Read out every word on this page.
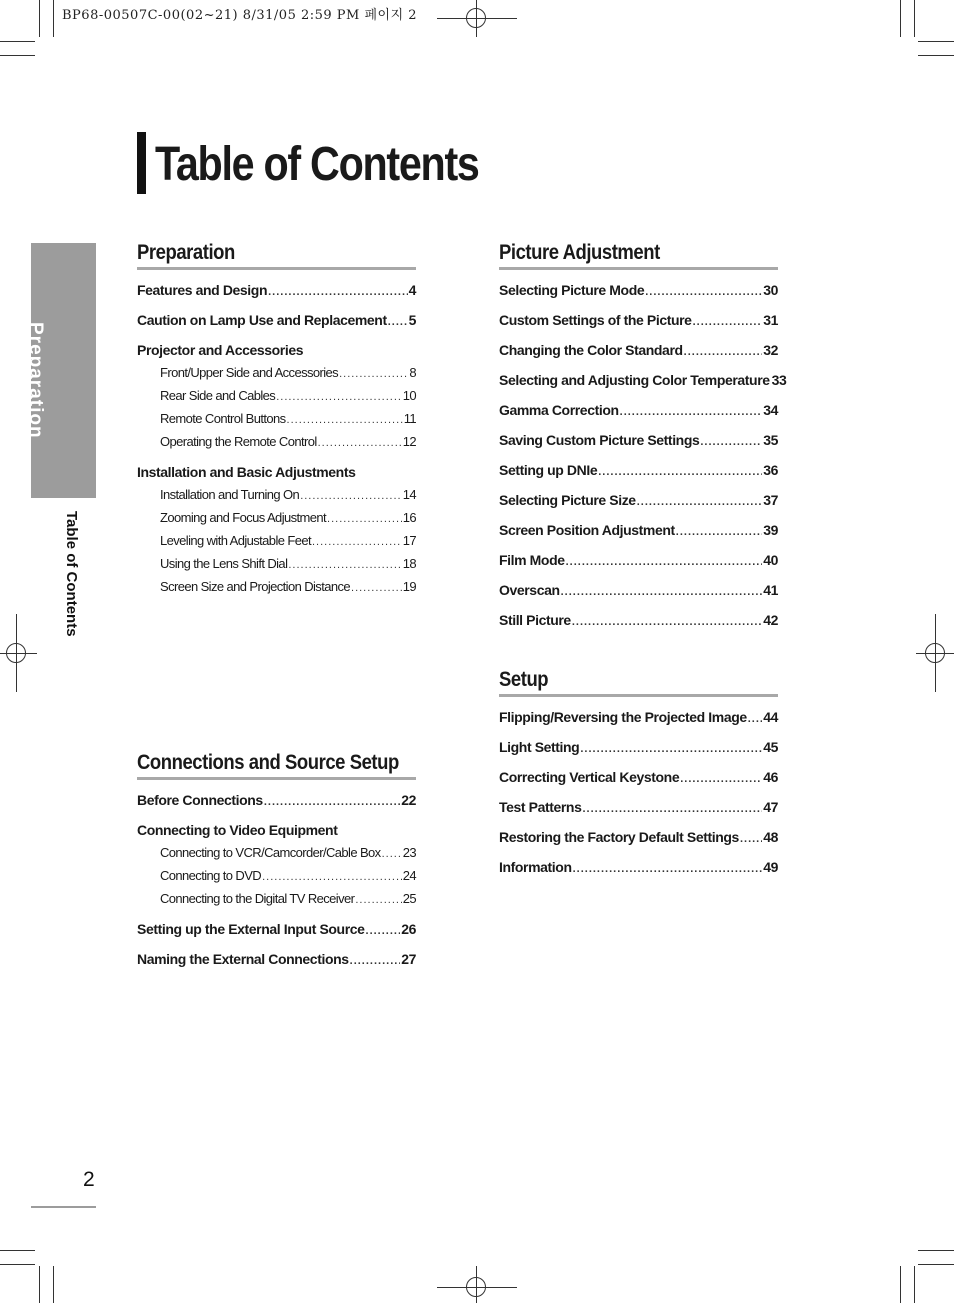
BP68-00507C-00(02~21) 8/31/05 2:59 PM 페이지 2
Preparation
Table of Contents
Table of Contents
Preparation
Features and Design .....	4
Caution on Lamp Use and Replacement ..... 5
Projector and Accessories
Front/Upper Side and Accessories .....	8
Rear Side and Cables .....	10
Remote Control Buttons .....	11
Operating the Remote Control .....	12
Installation and Basic Adjustments
Installation and Turning On .....	14
Zooming and Focus Adjustment .....	16
Leveling with Adjustable Feet .....	17
Using the Lens Shift Dial .....	18
Screen Size and Projection Distance .....	19
Connections and Source Setup
Before Connections .....	22
Connecting to Video Equipment
Connecting to VCR/Camcorder/Cable Box ..... 23
Connecting to DVD .....	24
Connecting to the Digital TV Receiver .....	25
Setting up the External Input Source .....	26
Naming the External Connections .....	27
Picture Adjustment
Selecting Picture Mode .....	30
Custom Settings of the Picture .....	31
Changing the Color Standard .....	32
Selecting and Adjusting Color Temperature 33
Gamma Correction .....	34
Saving Custom Picture Settings .....	35
Setting up DNIe .....	36
Selecting Picture Size .....	37
Screen Position Adjustment .....	39
Film Mode .....	40
Overscan .....	41
Still Picture .....	42
Setup
Flipping/Reversing the Projected Image ..... 44
Light Setting .....	45
Correcting Vertical Keystone .....	46
Test Patterns .....	47
Restoring the Factory Default Settings ..... 48
Information .....	49
2
